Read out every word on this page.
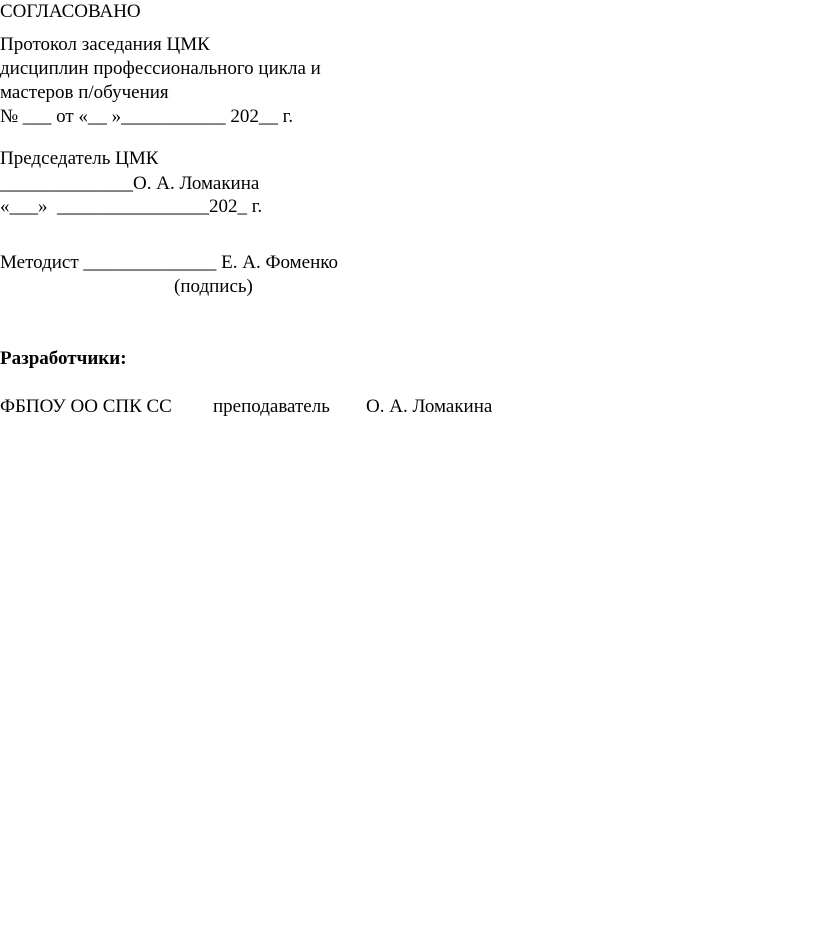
СОГЛАСОВАНО
Протокол заседания ЦМК
дисциплин профессионального цикла и
мастеров п/обучения
№ ___ от «__ »___________ 202__ г.
Председатель ЦМК
______________О. А. Ломакина
«___»  ________________202_ г.
Методист ______________ Е. А. Фоменко
(подпись)
Разработчики:
ФБПОУ ОО СПК СС преподаватель О. А. Ломакина
